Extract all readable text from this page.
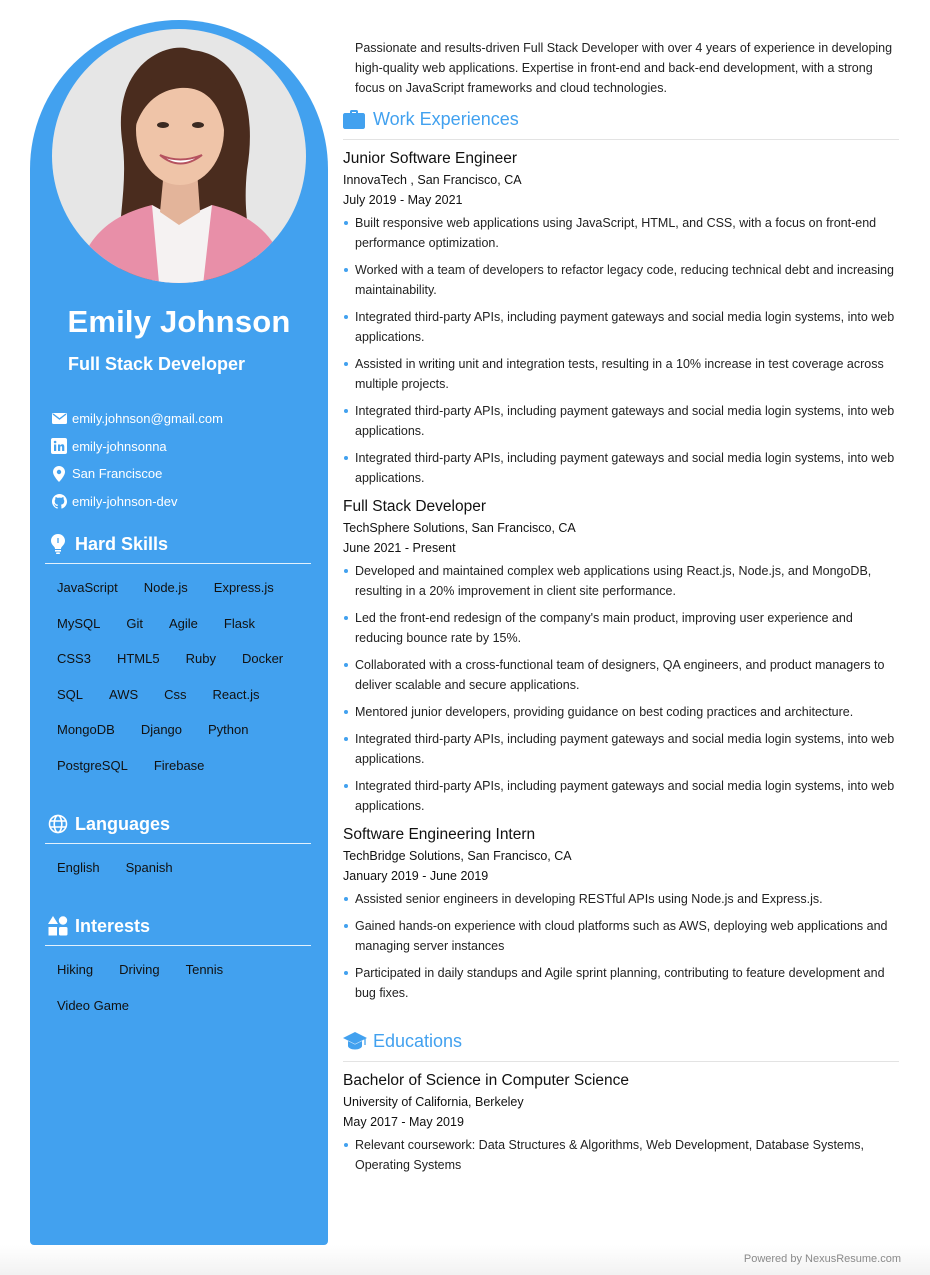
Emily Johnson
Full Stack Developer
emily.johnson@gmail.com
emily-johnsonna
San Franciscoe
emily-johnson-dev
Hard Skills
JavaScript Node.js Express.js
MySQL Git Agile Flask
CSS3 HTML5 Ruby Docker
SQL AWS Css React.js
MongoDB Django Python
PostgreSQL Firebase
Languages
English Spanish
Interests
Hiking Driving Tennis
Video Game

Passionate and results-driven Full Stack Developer with over 4 years of experience in developing high-quality web applications. Expertise in front-end and back-end development, with a strong focus on JavaScript frameworks and cloud technologies.

Work Experiences
Junior Software Engineer
InnovaTech , San Francisco, CA
July 2019 - May 2021
Built responsive web applications using JavaScript, HTML, and CSS, with a focus on front-end performance optimization.
Worked with a team of developers to refactor legacy code, reducing technical debt and increasing maintainability.
Integrated third-party APIs, including payment gateways and social media login systems, into web applications.
Assisted in writing unit and integration tests, resulting in a 10% increase in test coverage across multiple projects.
Integrated third-party APIs, including payment gateways and social media login systems, into web applications.
Integrated third-party APIs, including payment gateways and social media login systems, into web applications.
Full Stack Developer
TechSphere Solutions, San Francisco, CA
June 2021 - Present
Developed and maintained complex web applications using React.js, Node.js, and MongoDB, resulting in a 20% improvement in client site performance.
Led the front-end redesign of the company's main product, improving user experience and reducing bounce rate by 15%.
Collaborated with a cross-functional team of designers, QA engineers, and product managers to deliver scalable and secure applications.
Mentored junior developers, providing guidance on best coding practices and architecture.
Integrated third-party APIs, including payment gateways and social media login systems, into web applications.
Integrated third-party APIs, including payment gateways and social media login systems, into web applications.
Software Engineering Intern
TechBridge Solutions, San Francisco, CA
January 2019 - June 2019
Assisted senior engineers in developing RESTful APIs using Node.js and Express.js.
Gained hands-on experience with cloud platforms such as AWS, deploying web applications and managing server instances
Participated in daily standups and Agile sprint planning, contributing to feature development and bug fixes.
Educations
Bachelor of Science in Computer Science
University of California, Berkeley
May 2017 - May 2019
Relevant coursework: Data Structures & Algorithms, Web Development, Database Systems, Operating Systems
Powered by NexusResume.com
